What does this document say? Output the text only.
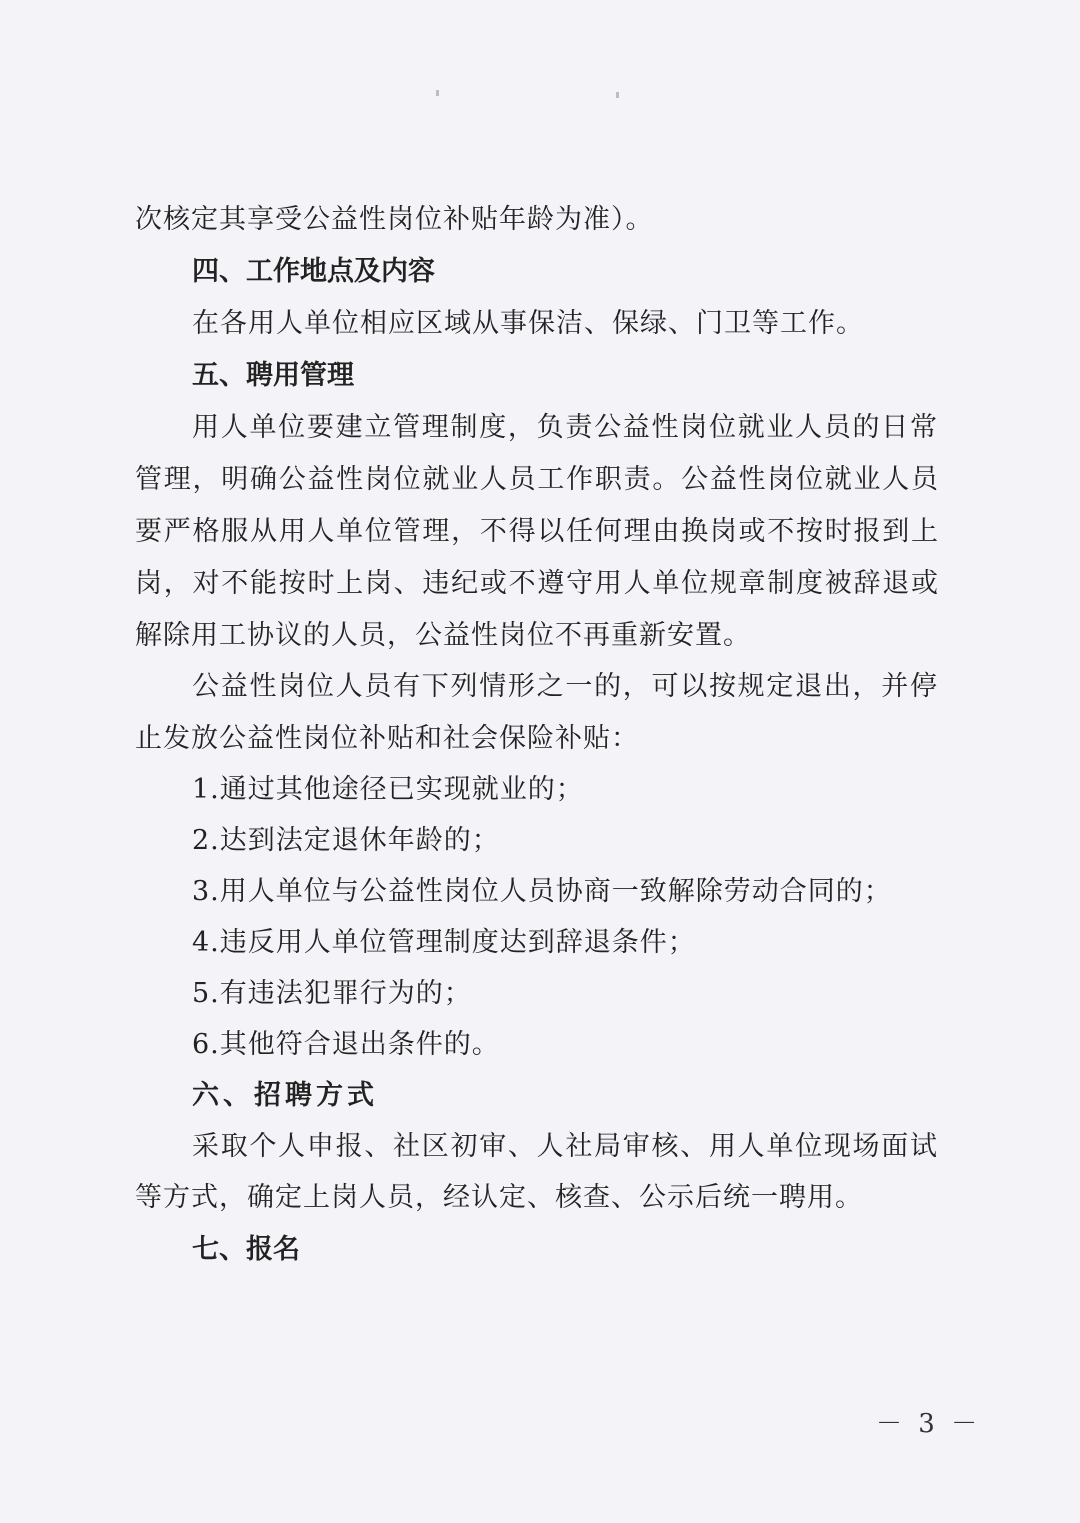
次核定其享受公益性岗位补贴年龄为准）。
四、工作地点及内容
在各用人单位相应区域从事保洁、保绿、门卫等工作。
五、聘用管理
用人单位要建立管理制度，负责公益性岗位就业人员的日常
管理，明确公益性岗位就业人员工作职责。公益性岗位就业人员
要严格服从用人单位管理，不得以任何理由换岗或不按时报到上
岗，对不能按时上岗、违纪或不遵守用人单位规章制度被辞退或
解除用工协议的人员，公益性岗位不再重新安置。
公益性岗位人员有下列情形之一的，可以按规定退出，并停
止发放公益性岗位补贴和社会保险补贴：
1.通过其他途径已实现就业的；
2.达到法定退休年龄的；
3.用人单位与公益性岗位人员协商一致解除劳动合同的；
4.违反用人单位管理制度达到辞退条件；
5.有违法犯罪行为的；
6.其他符合退出条件的。
六、招聘方式
采取个人申报、社区初审、人社局审核、用人单位现场面试
等方式，确定上岗人员，经认定、核查、公示后统一聘用。
七、报名
－ 3 －
